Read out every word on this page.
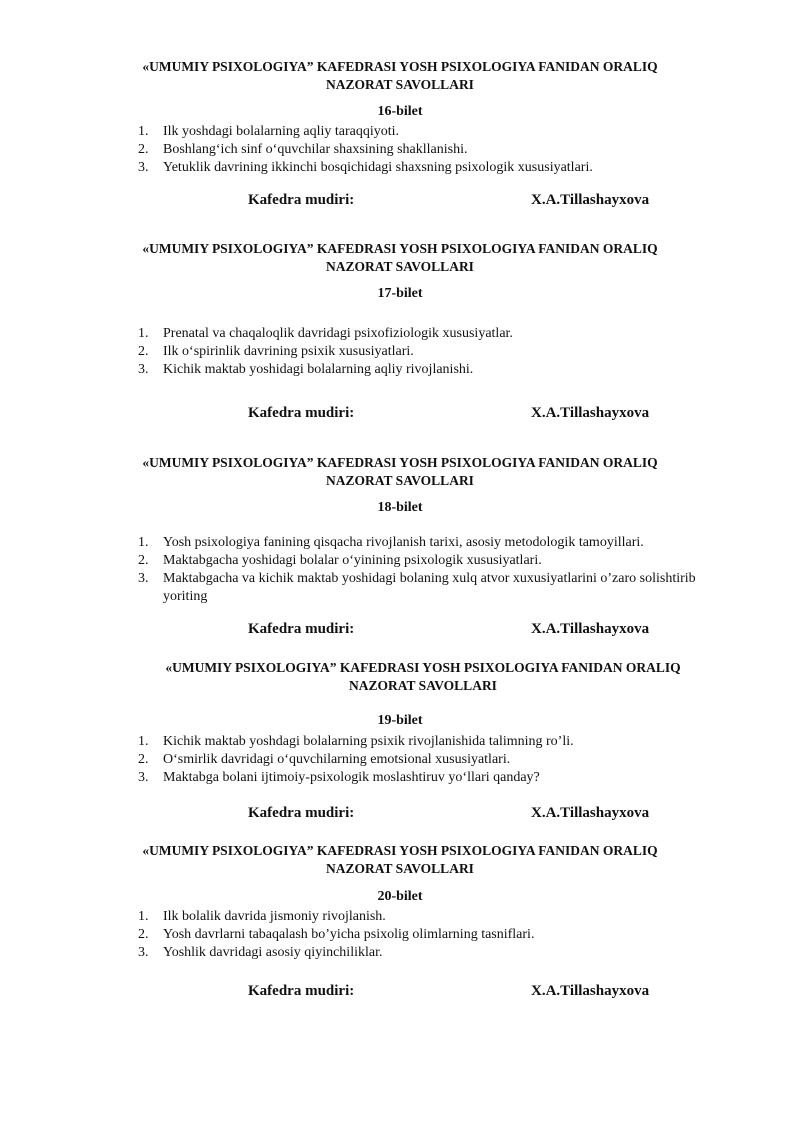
«UMUMIY PSIXOLOGIYA” KAFEDRASI YOSH PSIXOLOGIYA FANIDAN ORALIQ
NAZORAT SAVOLLARI
16-bilet
1. Ilk yoshdagi bolalarning aqliy taraqqiyoti.
2. Boshlang‘ich sinf o‘quvchilar shaxsining shakllanishi.
3. Yetuklik davrining ikkinchi bosqichidagi shaxsning psixologik xususiyatlari.
Kafedra mudiri:	X.A.Tillashayxova
«UMUMIY PSIXOLOGIYA” KAFEDRASI YOSH PSIXOLOGIYA FANIDAN ORALIQ
NAZORAT SAVOLLARI
17-bilet
1. Prenatal va chaqaloqlik davridagi psixofiziologik xususiyatlar.
2. Ilk o‘spirinlik davrining psixik xususiyatlari.
3. Kichik maktab yoshidagi bolalarning aqliy rivojlanishi.
Kafedra mudiri:	X.A.Tillashayxova
«UMUMIY PSIXOLOGIYA” KAFEDRASI YOSH PSIXOLOGIYA FANIDAN ORALIQ
NAZORAT SAVOLLARI
18-bilet
1. Yosh psixologiya fanining qisqacha rivojlanish tarixi, asosiy metodologik tamoyillari.
2. Maktabgacha yoshidagi bolalar o‘yinining psixologik xususiyatlari.
3. Maktabgacha va kichik maktab yoshidagi bolaning xulq atvor xuxusiyatlarini o’zaro solishtirib yoriting
Kafedra mudiri:	X.A.Tillashayxova
«UMUMIY PSIXOLOGIYA” KAFEDRASI YOSH PSIXOLOGIYA FANIDAN ORALIQ
NAZORAT SAVOLLARI
19-bilet
1. Kichik maktab yoshdagi bolalarning psixik rivojlanishida talimning ro’li.
2. O‘smirlik davridagi o‘quvchilarning emotsional xususiyatlari.
3. Maktabga bolani ijtimoiy-psixologik moslashtiruv yo‘llari qanday?
Kafedra mudiri:	X.A.Tillashayxova
«UMUMIY PSIXOLOGIYA” KAFEDRASI YOSH PSIXOLOGIYA FANIDAN ORALIQ
NAZORAT SAVOLLARI
20-bilet
1. Ilk bolalik davrida jismoniy rivojlanish.
2. Yosh davrlarni tabaqalash bo’yicha psixolig olimlarning tasniflari.
3. Yoshlik davridagi asosiy qiyinchiliklar.
Kafedra mudiri:	X.A.Tillashayxova
